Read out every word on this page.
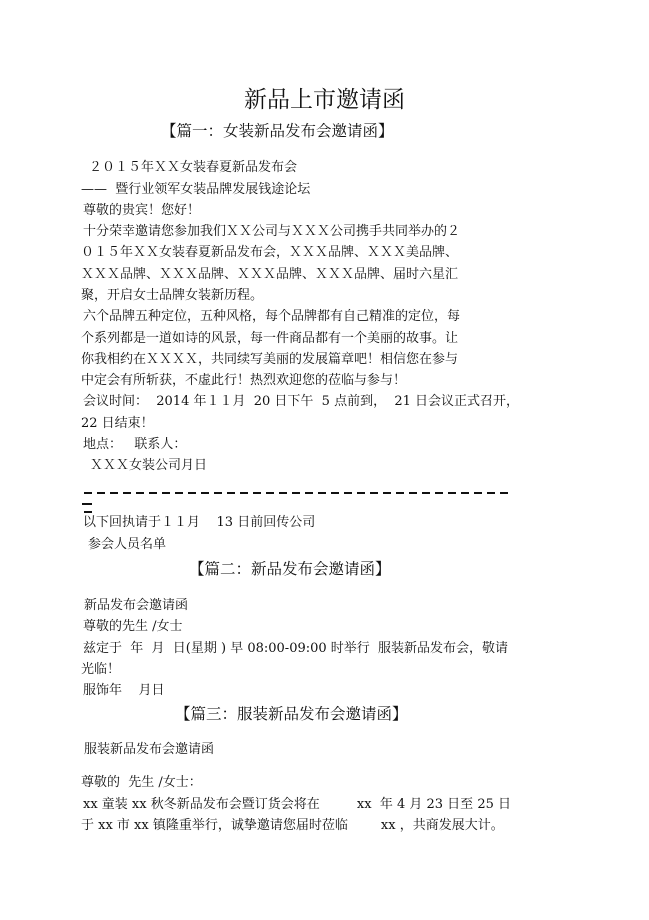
新品上市邀请函
【篇一：女装新品发布会邀请函】
２０１５年ＸＸ女装春夏新品发布会
——  暨行业领军女装品牌发展钱途论坛
尊敬的贵宾！您好！
十分荣幸邀请您参加我们ＸＸ公司与ＸＸＸ公司携手共同举办的２
０１５年ＸＸ女装春夏新品发布会，ＸＸＸ品牌、ＸＸＸ美品牌、
ＸＸＸ品牌、ＸＸＸ品牌、ＸＸＸ品牌、ＸＸＸ品牌、届时六星汇
聚，开启女士品牌女装新历程。
六个品牌五种定位，五种风格，每个品牌都有自己精准的定位，每
个系列都是一道如诗的风景，每一件商品都有一个美丽的故事。让
你我相约在ＸＸＸＸ，共同续写美丽的发展篇章吧！相信您在参与
中定会有所斩获，不虚此行！热烈欢迎您的莅临与参与！
会议时间：  2014 年１１月  20 日下午  5 点前到，  21 日会议正式召开，
22 日结束！
地点：   联系人：
ＸＸＸ女装公司月日
以下回执请于１１月    13 日前回传公司
参会人员名单
【篇二：新品发布会邀请函】
新品发布会邀请函
尊敬的先生 /女士
兹定于  年  月  日(星期 ) 早 08:00-09:00 时举行  服装新品发布会，敬请
光临！
服饰年    月日
【篇三：服装新品发布会邀请函】
服装新品发布会邀请函
尊敬的  先生 /女士：
xx 童装 xx 秋冬新品发布会暨订货会将在         xx  年 4 月 23 日至 25 日
于 xx 市 xx 镇隆重举行，诚挚邀请您届时莅临        xx ，共商发展大计。
